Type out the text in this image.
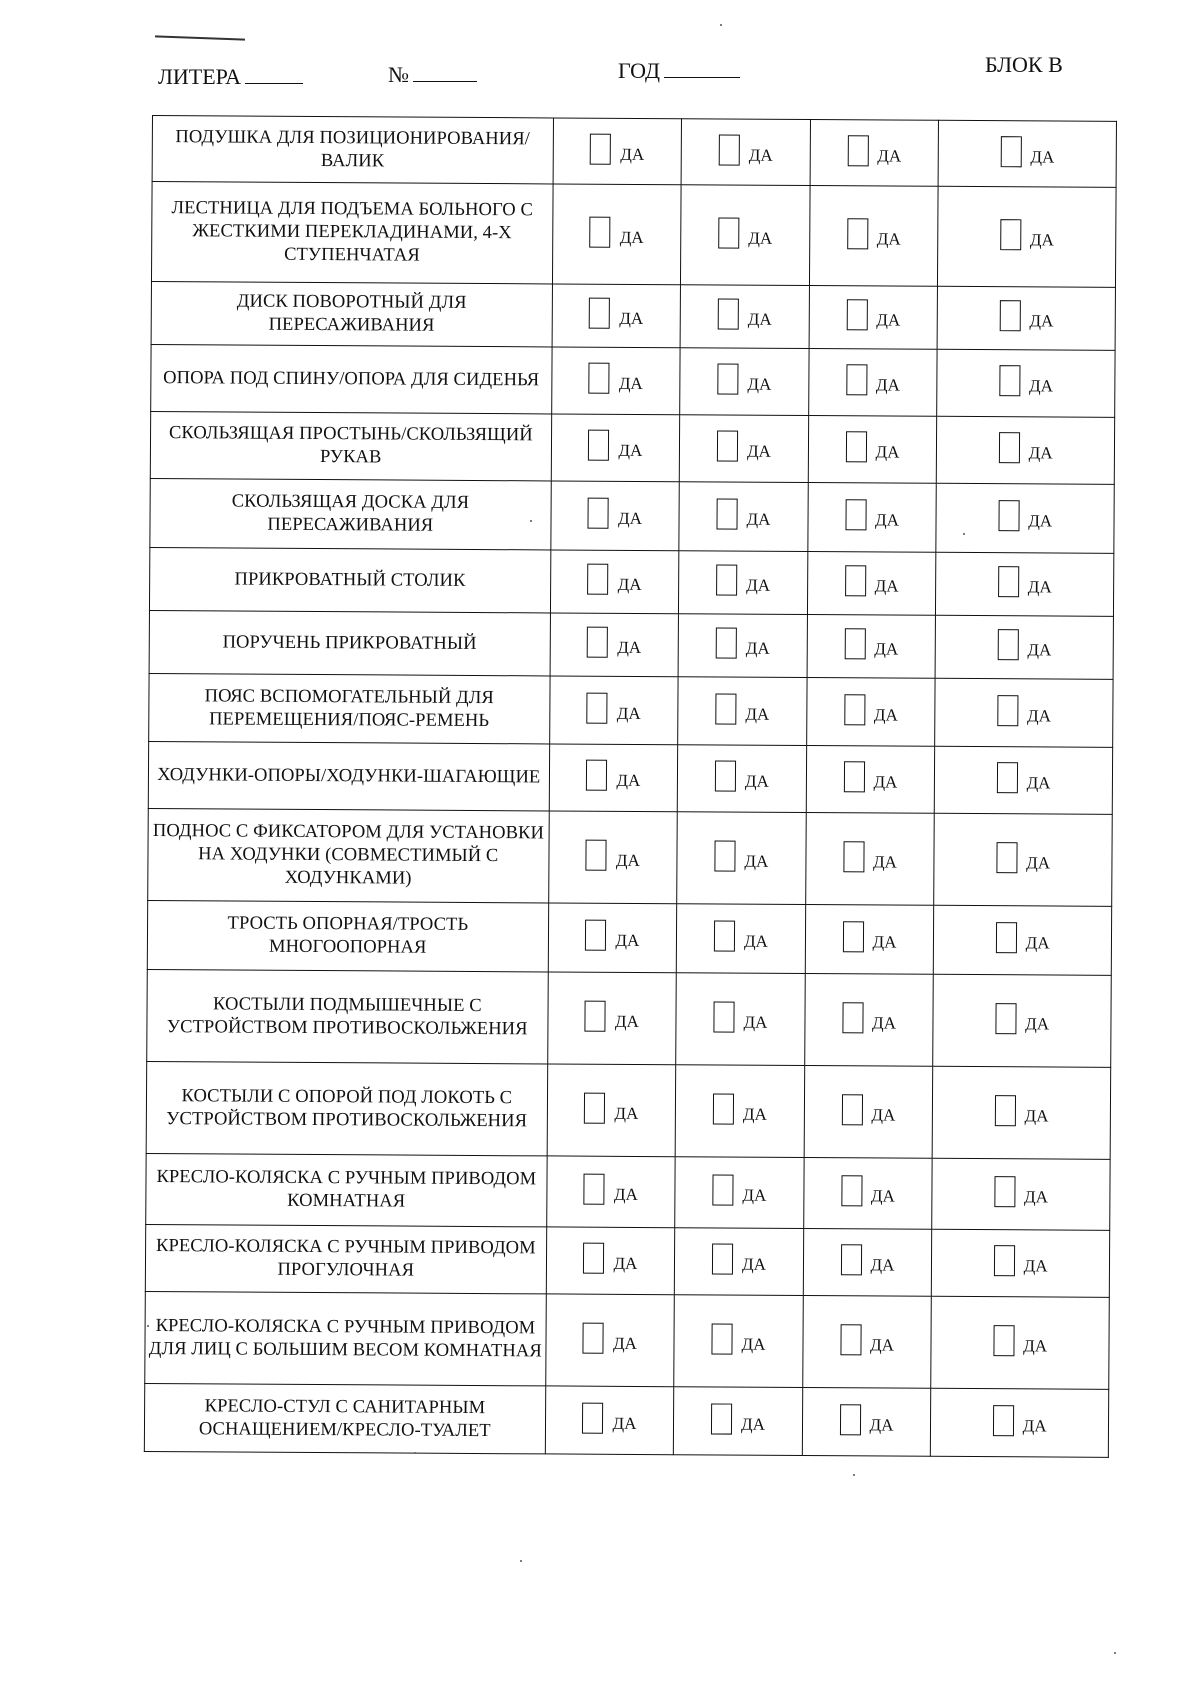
ЛИТЕРА	№	ГОД	БЛОК В
ПОДУШКА ДЛЯ ПОЗИЦИОНИРОВАНИЯ/ВАЛИК	ДА	ДА	ДА	ДА

ЛЕСТНИЦА ДЛЯ ПОДЪЕМА БОЛЬНОГО С ЖЕСТКИМИ ПЕРЕКЛАДИНАМИ, 4-Х СТУПЕНЧАТАЯ	ДА	ДА	ДА	ДА

ДИСК ПОВОРОТНЫЙ ДЛЯ ПЕРЕСАЖИВАНИЯ	ДА	ДА	ДА	ДА

ОПОРА ПОД СПИНУ/ОПОРА ДЛЯ СИДЕНЬЯ	ДА	ДА	ДА	ДА

СКОЛЬЗЯЩАЯ ПРОСТЫНЬ/СКОЛЬЗЯЩИЙ РУКАВ	ДА	ДА	ДА	ДА

СКОЛЬЗЯЩАЯ ДОСКА ДЛЯ ПЕРЕСАЖИВАНИЯ	ДА	ДА	ДА	ДА

ПРИКРОВАТНЫЙ СТОЛИК	ДА	ДА	ДА	ДА

ПОРУЧЕНЬ ПРИКРОВАТНЫЙ	ДА	ДА	ДА	ДА

ПОЯС ВСПОМОГАТЕЛЬНЫЙ ДЛЯ ПЕРЕМЕЩЕНИЯ/ПОЯС-РЕМЕНЬ	ДА	ДА	ДА	ДА

ХОДУНКИ-ОПОРЫ/ХОДУНКИ-ШАГАЮЩИЕ	ДА	ДА	ДА	ДА

ПОДНОС С ФИКСАТОРОМ ДЛЯ УСТАНОВКИ НА ХОДУНКИ (СОВМЕСТИМЫЙ С ХОДУНКАМИ)	ДА	ДА	ДА	ДА

ТРОСТЬ ОПОРНАЯ/ТРОСТЬ МНОГООПОРНАЯ	ДА	ДА	ДА	ДА

КОСТЫЛИ ПОДМЫШЕЧНЫЕ С УСТРОЙСТВОМ ПРОТИВОСКОЛЬЖЕНИЯ	ДА	ДА	ДА	ДА

КОСТЫЛИ С ОПОРОЙ ПОД ЛОКОТЬ С УСТРОЙСТВОМ ПРОТИВОСКОЛЬЖЕНИЯ	ДА	ДА	ДА	ДА

КРЕСЛО-КОЛЯСКА С РУЧНЫМ ПРИВОДОМ КОМНАТНАЯ	ДА	ДА	ДА	ДА

КРЕСЛО-КОЛЯСКА С РУЧНЫМ ПРИВОДОМ ПРОГУЛОЧНАЯ	ДА	ДА	ДА	ДА

КРЕСЛО-КОЛЯСКА С РУЧНЫМ ПРИВОДОМ ДЛЯ ЛИЦ С БОЛЬШИМ ВЕСОМ КОМНАТНАЯ	ДА	ДА	ДА	ДА

КРЕСЛО-СТУЛ С САНИТАРНЫМ ОСНАЩЕНИЕМ/КРЕСЛО-ТУАЛЕТ	ДА	ДА	ДА	ДА
